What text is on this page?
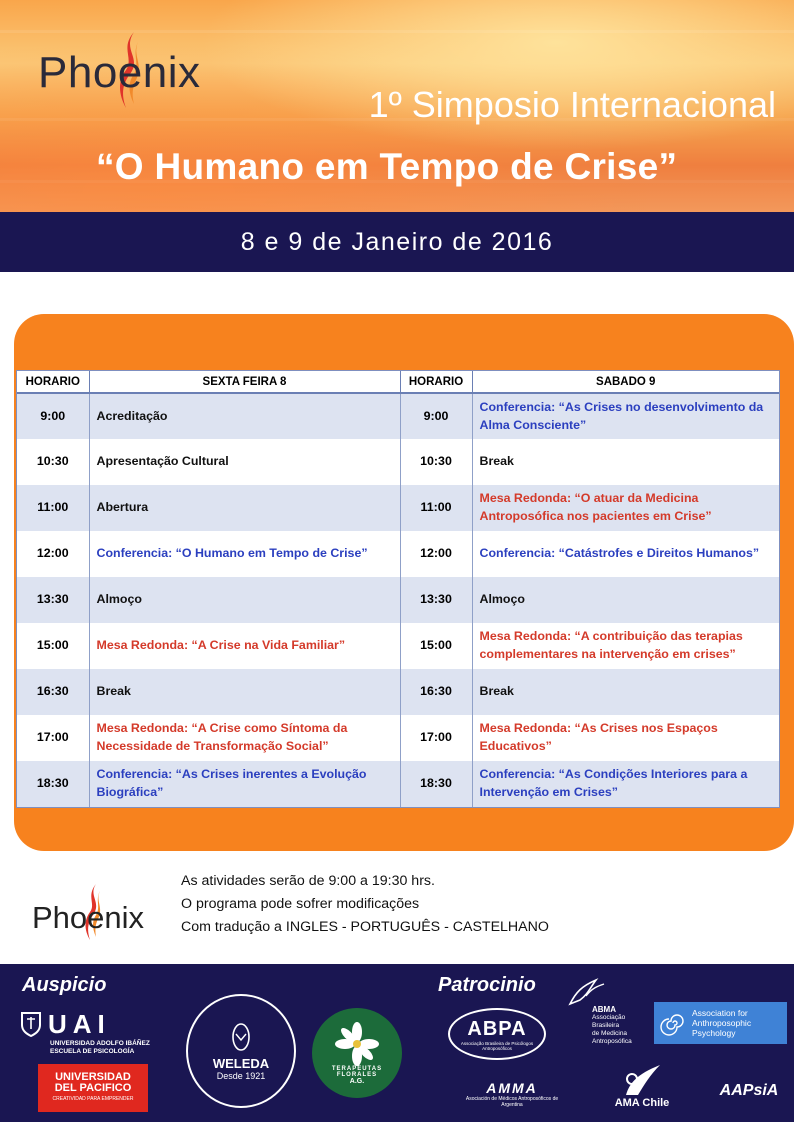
Phoenix
1º Simposio Internacional
“O Humano em Tempo de Crise”
8 e 9 de Janeiro de 2016
HORARIO	SEXTA FEIRA 8	HORARIO	SABADO 9
9:00	Acreditação	9:00	Conferencia: “As Crises no desenvolvimento da Alma Consciente”
10:30	Apresentação Cultural	10:30	Break
11:00	Abertura	11:00	Mesa Redonda: “O atuar da Medicina Antroposófica nos pacientes em Crise”
12:00	Conferencia: “O Humano em Tempo de Crise”	12:00	Conferencia: “Catástrofes e Direitos Humanos”
13:30	Almoço	13:30	Almoço
15:00	Mesa Redonda: “A Crise na Vida Familiar”	15:00	Mesa Redonda: “A contribuição das terapias complementares na intervenção em crises”
16:30	Break	16:30	Break
17:00	Mesa Redonda: “A Crise como Síntoma da Necessidade de Transformação Social”	17:00	Mesa Redonda: “As Crises nos Espaços Educativos”
18:30	Conferencia: “As Crises inerentes a Evolução Biográfica”	18:30	Conferencia: “As Condições Interiores para a Intervenção em Crises”
Phoenix
As atividades serão de 9:00 a 19:30 hrs.
O programa pode sofrer modificações
Com tradução a INGLES - PORTUGUÊS - CASTELHANO
Auspicio	Patrocinio
UAI
UNIVERSIDAD ADOLFO IBÁÑEZ
ESCUELA DE PSICOLOGÍA
UNIVERSIDAD
DEL PACIFICO
CREATIVIDAD PARA EMPRENDER
WELEDA
Desde 1921
TERAPEUTAS FLORALES
A.G.
ABPA
Associação Brasileira de Psicólogos Antroposóficos
ABMA
Associação
Brasileira
de Medicina
Antroposófica
Association for
Anthroposophic
Psychology
AMMA
Asociación de Médicos Antroposóficos de Argentina	AMA Chile
AAPsiA
